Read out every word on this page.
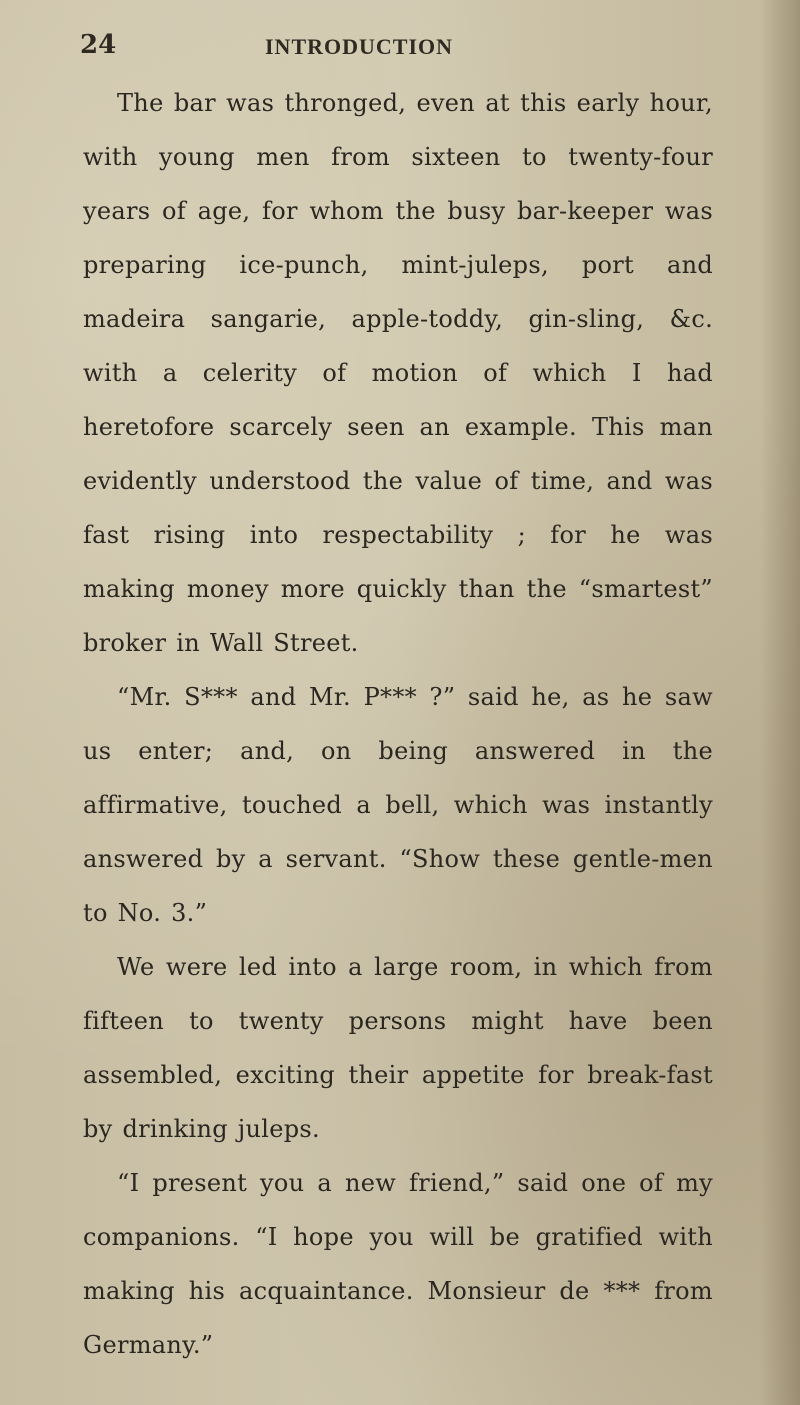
24	INTRODUCTION

The bar was thronged, even at this early hour, with young men from sixteen to twenty-four years of age, for whom the busy bar-keeper was preparing ice-punch, mint-juleps, port and madeira sangarie, apple-toddy, gin-sling, &c. with a celerity of motion of which I had heretofore scarcely seen an example. This man evidently understood the value of time, and was fast rising into respectability ; for he was making money more quickly than the “smartest” broker in Wall Street.

“Mr. S*** and Mr. P*** ?” said he, as he saw us enter; and, on being answered in the affirmative, touched a bell, which was instantly answered by a servant. “Show these gentle-men to No. 3.”

We were led into a large room, in which from fifteen to twenty persons might have been assembled, exciting their appetite for break-fast by drinking juleps.

“I present you a new friend,” said one of my companions. “I hope you will be gratified with making his acquaintance. Monsieur de *** from Germany.”
